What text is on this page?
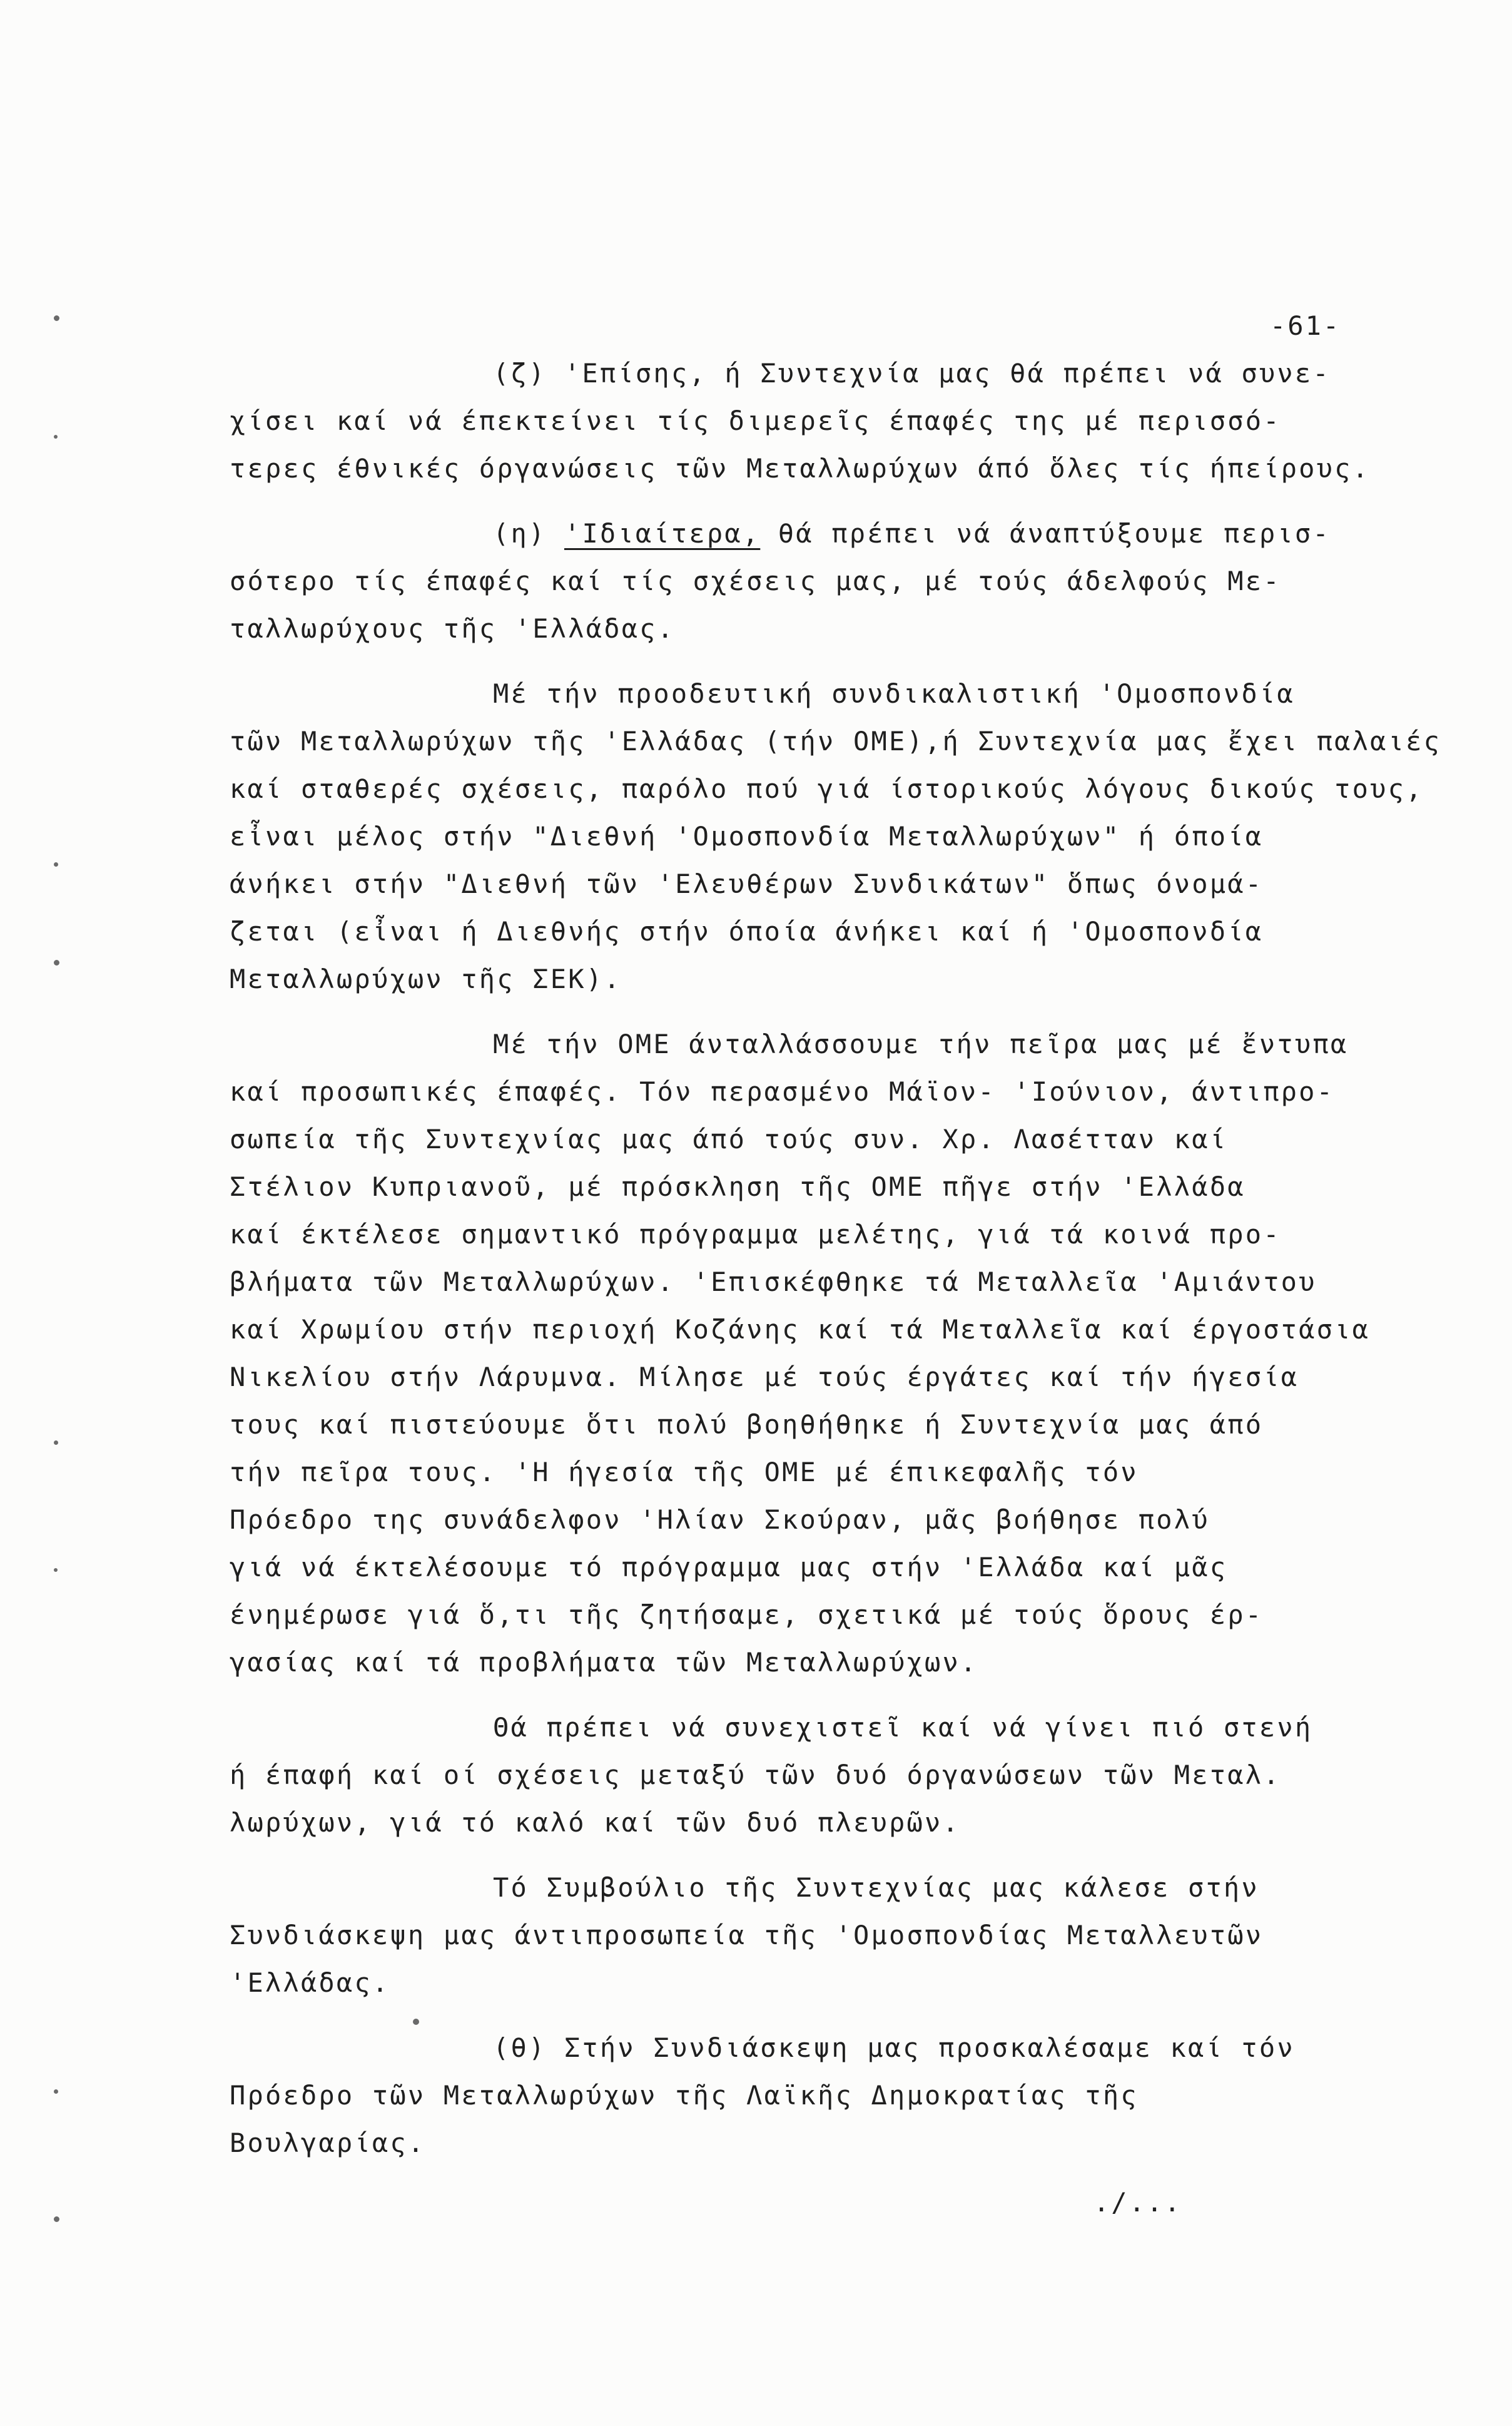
-61-
(ζ) 'Επίσης, ή Συντεχνία μας θά πρέπει νά συνε-
χίσει καί νά έπεκτείνει τίς διμερεῖς έπαφές της μέ περισσό-
τερες έθνικές όργανώσεις τῶν Μεταλλωρύχων άπό ὅλες τίς ήπείρους.
(η) 'Ιδιαίτερα, θά πρέπει νά άναπτύξουμε περισ-
σότερο τίς έπαφές καί τίς σχέσεις μας, μέ τούς άδελφούς Με-
ταλλωρύχους τῆς 'Ελλάδας.
Μέ τήν προοδευτική συνδικαλιστική 'Ομοσπονδία
τῶν Μεταλλωρύχων τῆς 'Ελλάδας (τήν ΟΜΕ),ή Συντεχνία μας ἔχει παλαιές
καί σταθερές σχέσεις, παρόλο πού γιά ίστορικούς λόγους δικούς τους,
εἶναι μέλος στήν "Διεθνή 'Ομοσπονδία Μεταλλωρύχων" ή όποία
άνήκει στήν "Διεθνή τῶν 'Ελευθέρων Συνδικάτων" ὅπως όνομά-
ζεται (εἶναι ή Διεθνής στήν όποία άνήκει καί ή 'Ομοσπονδία
Μεταλλωρύχων τῆς ΣΕΚ).
Μέ τήν ΟΜΕ άνταλλάσσουμε τήν πεῖρα μας μέ ἔντυπα
καί προσωπικές έπαφές. Τόν περασμένο Μάϊον- 'Ιούνιον, άντιπρο-
σωπεία τῆς Συντεχνίας μας άπό τούς συν. Χρ. Λασέτταν καί
Στέλιον Κυπριανοῦ, μέ πρόσκληση τῆς ΟΜΕ πῆγε στήν 'Ελλάδα
καί έκτέλεσε σημαντικό πρόγραμμα μελέτης, γιά τά κοινά προ-
βλήματα τῶν Μεταλλωρύχων. 'Επισκέφθηκε τά Μεταλλεῖα 'Αμιάντου
καί Χρωμίου στήν περιοχή Κοζάνης καί τά Μεταλλεῖα καί έργοστάσια
Νικελίου στήν Λάρυμνα. Μίλησε μέ τούς έργάτες καί τήν ήγεσία
τους καί πιστεύουμε ὅτι πολύ βοηθήθηκε ή Συντεχνία μας άπό
τήν πεῖρα τους. 'Η ήγεσία τῆς ΟΜΕ μέ έπικεφαλῆς τόν
Πρόεδρο της συνάδελφον 'Ηλίαν Σκούραν, μᾶς βοήθησε πολύ
γιά νά έκτελέσουμε τό πρόγραμμα μας στήν 'Ελλάδα καί μᾶς
ένημέρωσε γιά ὅ,τι τῆς ζητήσαμε, σχετικά μέ τούς ὅρους έρ-
γασίας καί τά προβλήματα τῶν Μεταλλωρύχων.
Θά πρέπει νά συνεχιστεῖ καί νά γίνει πιό στενή
ή έπαφή καί οί σχέσεις μεταξύ τῶν δυό όργανώσεων τῶν Μεταλ.
λωρύχων, γιά τό καλό καί τῶν δυό πλευρῶν.
Τό Συμβούλιο τῆς Συντεχνίας μας κάλεσε στήν
Συνδιάσκεψη μας άντιπροσωπεία τῆς 'Ομοσπονδίας Μεταλλευτῶν
'Ελλάδας.
(θ) Στήν Συνδιάσκεψη μας προσκαλέσαμε καί τόν
Πρόεδρο τῶν Μεταλλωρύχων τῆς Λαϊκῆς Δημοκρατίας τῆς
Βουλγαρίας.
./...
